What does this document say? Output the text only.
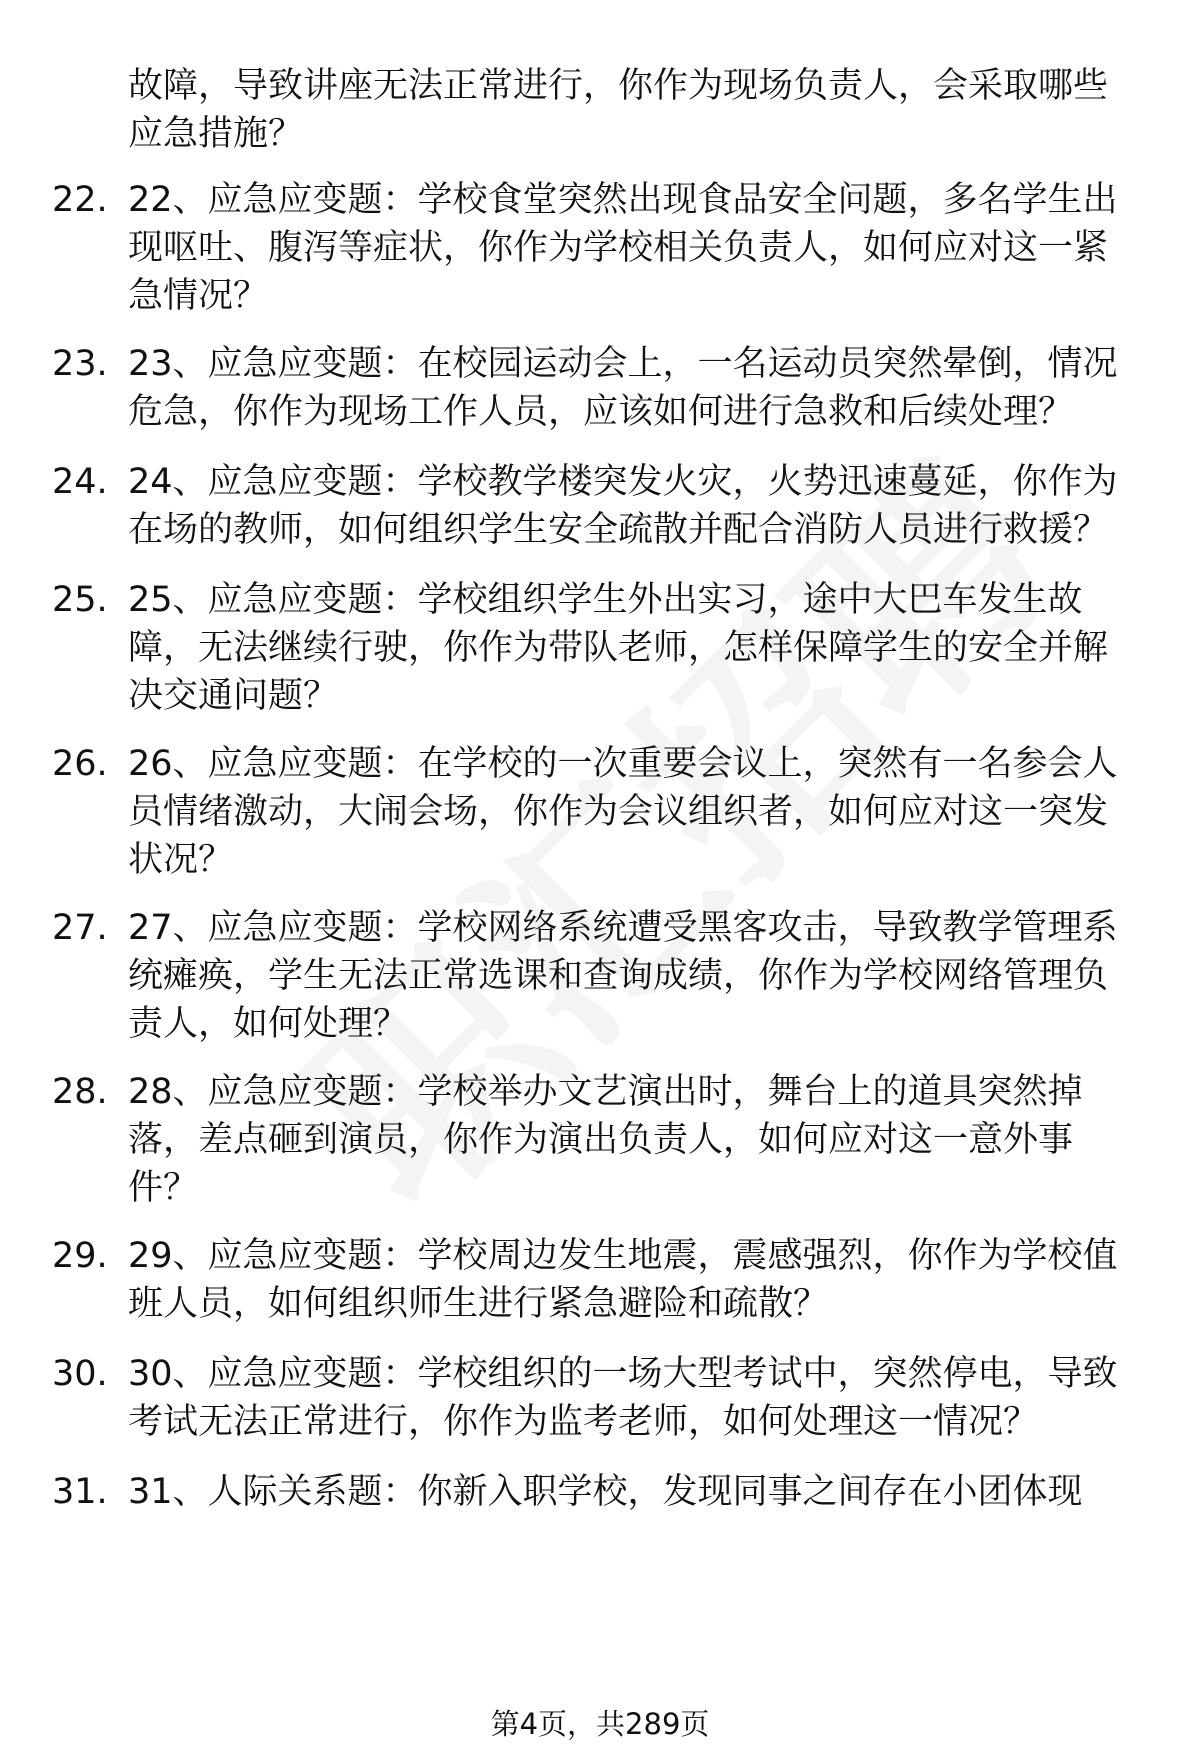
故障，导致讲座无法正常进行，你作为现场负责人，会采取哪些应急措施？

22. 22、应急应变题：学校食堂突然出现食品安全问题，多名学生出现呕吐、腹泻等症状，你作为学校相关负责人，如何应对这一紧急情况？
23. 23、应急应变题：在校园运动会上，一名运动员突然晕倒，情况危急，你作为现场工作人员，应该如何进行急救和后续处理？
24. 24、应急应变题：学校教学楼突发火灾，火势迅速蔓延，你作为在场的教师，如何组织学生安全疏散并配合消防人员进行救援？
25. 25、应急应变题：学校组织学生外出实习，途中大巴车发生故障，无法继续行驶，你作为带队老师，怎样保障学生的安全并解决交通问题？
26. 26、应急应变题：在学校的一次重要会议上，突然有一名参会人员情绪激动，大闹会场，你作为会议组织者，如何应对这一突发状况？
27. 27、应急应变题：学校网络系统遭受黑客攻击，导致教学管理系统瘫痪，学生无法正常选课和查询成绩，你作为学校网络管理负责人，如何处理？
28. 28、应急应变题：学校举办文艺演出时，舞台上的道具突然掉落，差点砸到演员，你作为演出负责人，如何应对这一意外事件？
29. 29、应急应变题：学校周边发生地震，震感强烈，你作为学校值班人员，如何组织师生进行紧急避险和疏散？
30. 30、应急应变题：学校组织的一场大型考试中，突然停电，导致考试无法正常进行，你作为监考老师，如何处理这一情况？
31. 31、人际关系题：你新入职学校，发现同事之间存在小团体现
第4页，共289页
